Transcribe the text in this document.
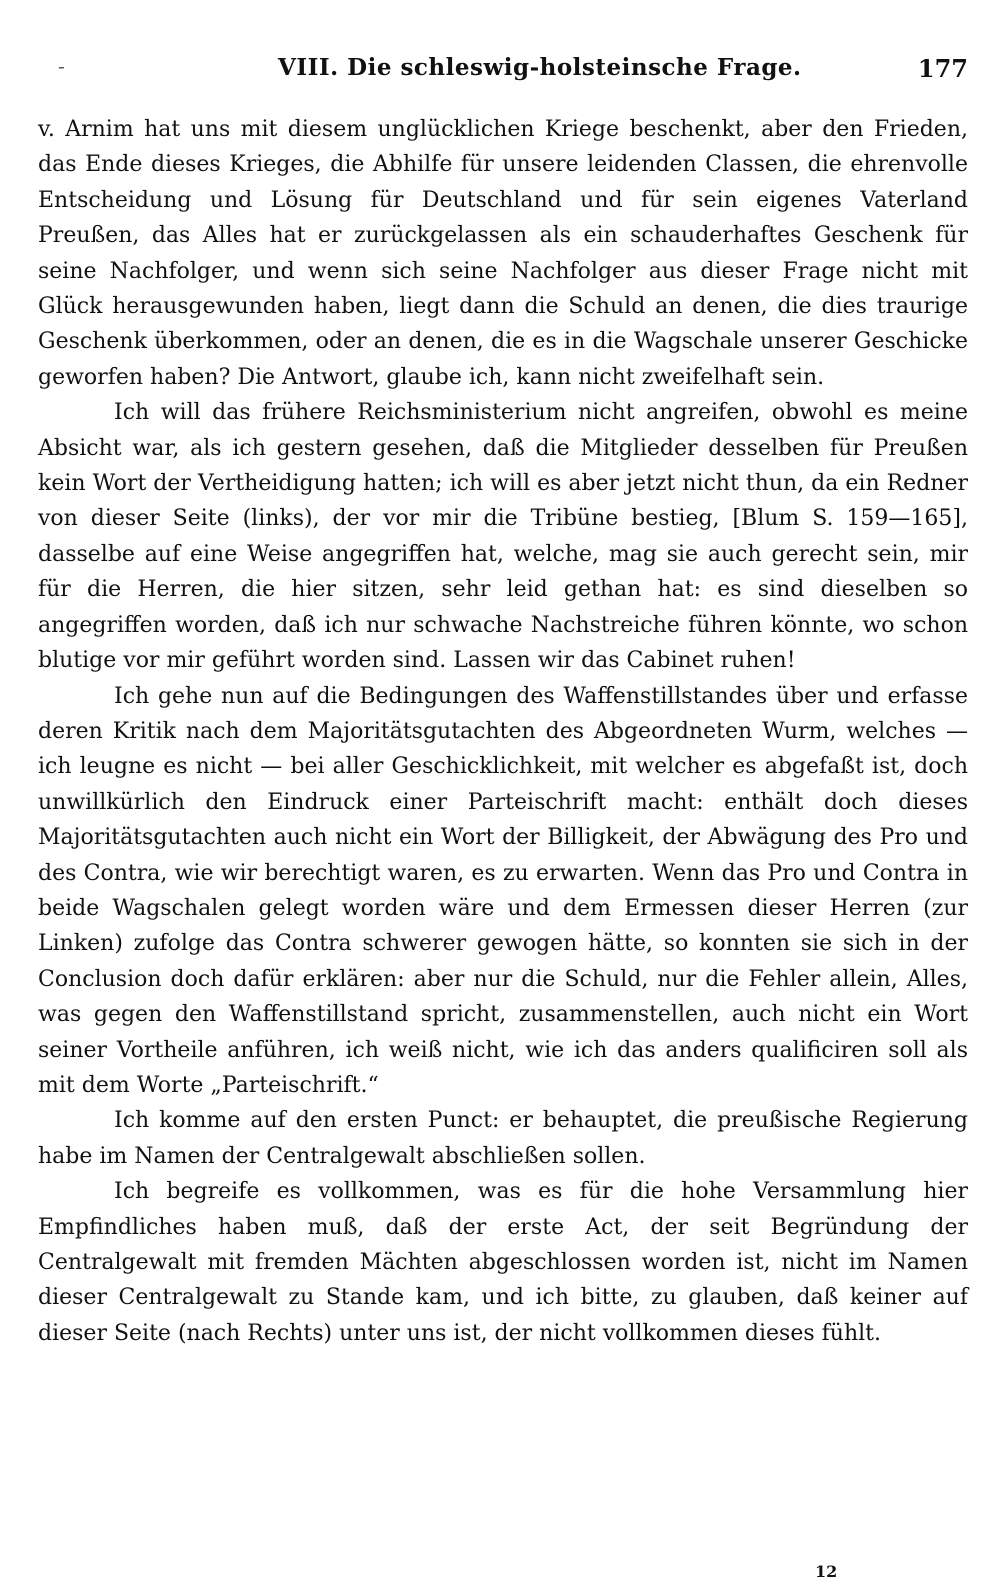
-	VIII. Die schleswig-holsteinsche Frage.	177

v. Arnim hat uns mit diesem unglücklichen Kriege beschenkt, aber den Frieden, das Ende dieses Krieges, die Abhilfe für unsere leidenden Classen, die ehrenvolle Entscheidung und Lösung für Deutschland und für sein eigenes Vaterland Preußen, das Alles hat er zurückgelassen als ein schauderhaftes Geschenk für seine Nachfolger, und wenn sich seine Nachfolger aus dieser Frage nicht mit Glück herausgewunden haben, liegt dann die Schuld an denen, die dies traurige Geschenk überkommen, oder an denen, die es in die Wagschale unserer Geschicke geworfen haben? Die Antwort, glaube ich, kann nicht zweifelhaft sein.

Ich will das frühere Reichsministerium nicht angreifen, obwohl es meine Absicht war, als ich gestern gesehen, daß die Mitglieder desselben für Preußen kein Wort der Vertheidigung hatten; ich will es aber jetzt nicht thun, da ein Redner von dieser Seite (links), der vor mir die Tribüne bestieg, [Blum S. 159—165], dasselbe auf eine Weise angegriffen hat, welche, mag sie auch gerecht sein, mir für die Herren, die hier sitzen, sehr leid gethan hat: es sind dieselben so angegriffen worden, daß ich nur schwache Nachstreiche führen könnte, wo schon blutige vor mir geführt worden sind. Lassen wir das Cabinet ruhen!

Ich gehe nun auf die Bedingungen des Waffenstillstandes über und erfasse deren Kritik nach dem Majoritätsgutachten des Abgeordneten Wurm, welches — ich leugne es nicht — bei aller Geschicklichkeit, mit welcher es abgefaßt ist, doch unwillkürlich den Eindruck einer Parteischrift macht: enthält doch dieses Majoritätsgutachten auch nicht ein Wort der Billigkeit, der Abwägung des Pro und des Contra, wie wir berechtigt waren, es zu erwarten. Wenn das Pro und Contra in beide Wagschalen gelegt worden wäre und dem Ermessen dieser Herren (zur Linken) zufolge das Contra schwerer gewogen hätte, so konnten sie sich in der Conclusion doch dafür erklären: aber nur die Schuld, nur die Fehler allein, Alles, was gegen den Waffenstillstand spricht, zusammenstellen, auch nicht ein Wort seiner Vortheile anführen, ich weiß nicht, wie ich das anders qualificiren soll als mit dem Worte „Parteischrift.“

Ich komme auf den ersten Punct: er behauptet, die preußische Regierung habe im Namen der Centralgewalt abschließen sollen.

Ich begreife es vollkommen, was es für die hohe Versammlung hier Empfindliches haben muß, daß der erste Act, der seit Begründung der Centralgewalt mit fremden Mächten abgeschlossen worden ist, nicht im Namen dieser Centralgewalt zu Stande kam, und ich bitte, zu glauben, daß keiner auf dieser Seite (nach Rechts) unter uns ist, der nicht vollkommen dieses fühlt.

12
